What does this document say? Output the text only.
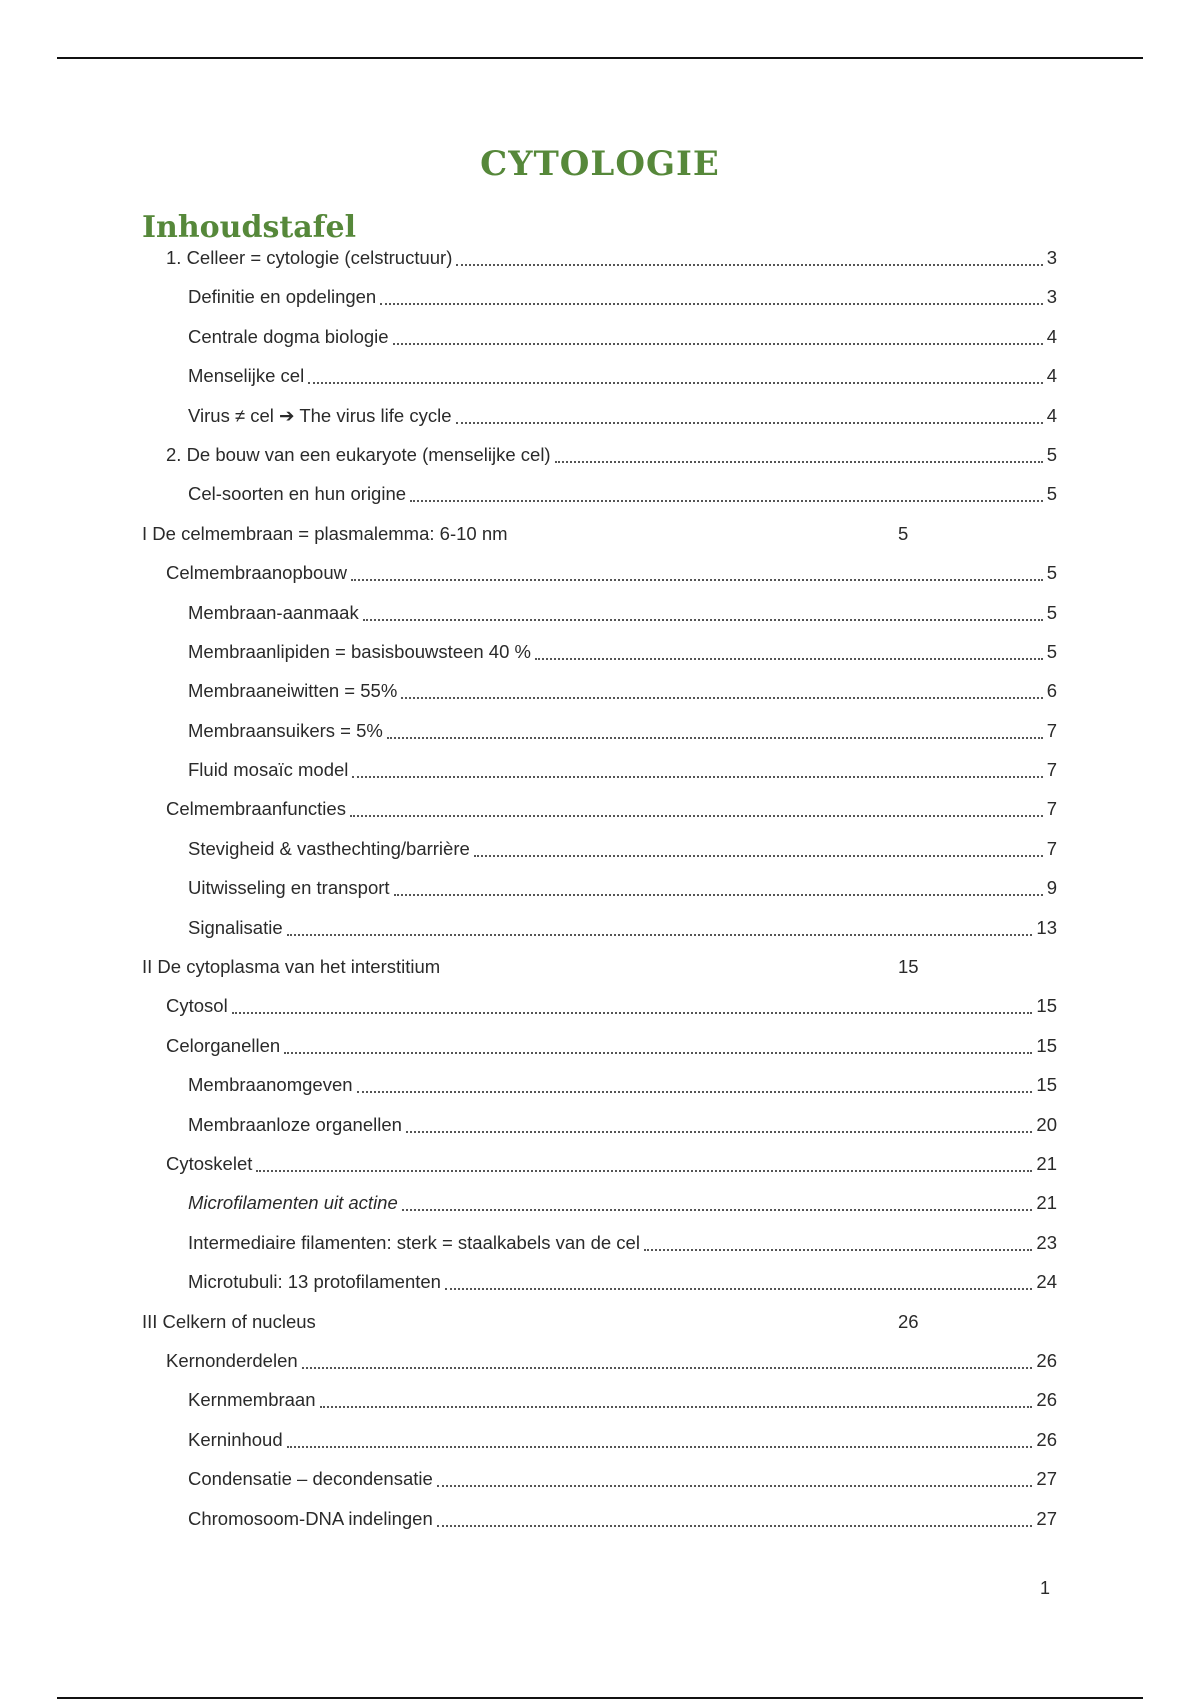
CYTOLOGIE
Inhoudstafel
1. Celleer = cytologie (celstructuur)	3
Definitie en opdelingen	3
Centrale dogma biologie	4
Menselijke cel	4
Virus ≠ cel ➔ The virus life cycle	4
2. De bouw van een eukaryote (menselijke cel)	5
Cel-soorten en hun origine	5
I De celmembraan = plasmalemma: 6-10 nm	5
Celmembraanopbouw	5
Membraan-aanmaak	5
Membraanlipiden = basisbouwsteen 40 %	5
Membraaneiwitten = 55%	6
Membraansuikers = 5%	7
Fluid mosaïc model	7
Celmembraanfuncties	7
Stevigheid & vasthechting/barrière	7
Uitwisseling en transport	9
Signalisatie	13
II De cytoplasma van het interstitium	15
Cytosol	15
Celorganellen	15
Membraanomgeven	15
Membraanloze organellen	20
Cytoskelet	21
Microfilamenten uit actine	21
Intermediaire filamenten: sterk = staalkabels van de cel	23
Microtubuli: 13 protofilamenten	24
III Celkern of nucleus	26
Kernonderdelen	26
Kernmembraan	26
Kerninhoud	26
Condensatie – decondensatie	27
Chromosoom-DNA indelingen	27
1
